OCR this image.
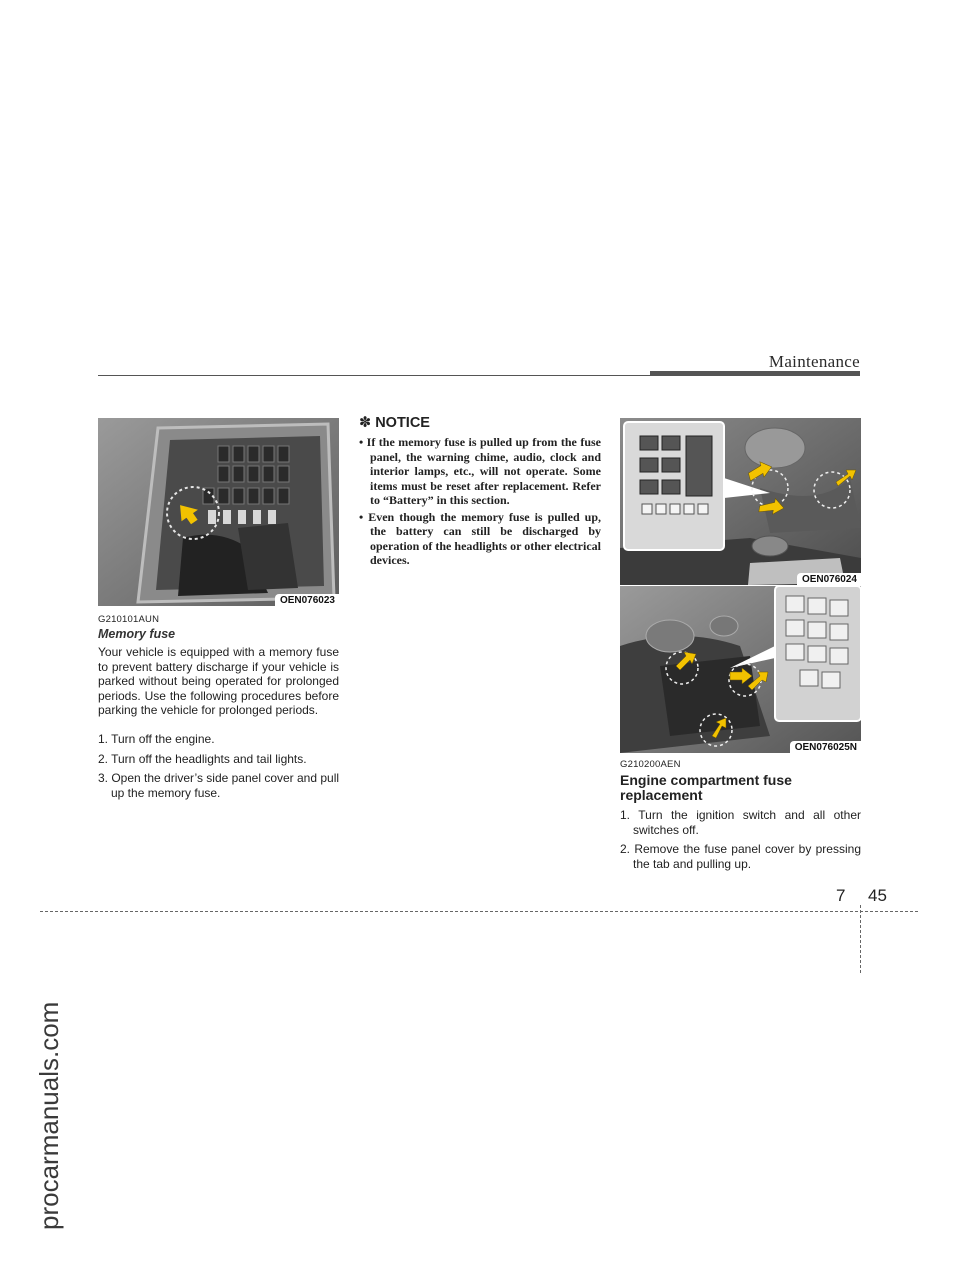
Maintenance
procarmanuals.com
OEN076023
G210101AUN
Memory fuse
Your vehicle is equipped with a memory fuse to prevent battery discharge if your vehicle is parked without being operated for prolonged periods. Use the following procedures before parking the vehicle for prolonged periods.
1. Turn off the engine.
2. Turn off the headlights and tail lights.
3. Open the driver’s side panel cover and pull up the memory fuse.
✽ NOTICE
• If the memory fuse is pulled up from the fuse panel, the warning chime, audio, clock and interior lamps, etc., will not operate. Some items must be reset after replacement. Refer to “Battery” in this section.
• Even though the memory fuse is pulled up, the battery can still be discharged by operation of the headlights or other electrical devices.
OEN076024
OEN076025N
G210200AEN
Engine compartment fuse replacement
1. Turn the ignition switch and all other switches off.
2. Remove the fuse panel cover by pressing the tab and pulling up.
7 45
